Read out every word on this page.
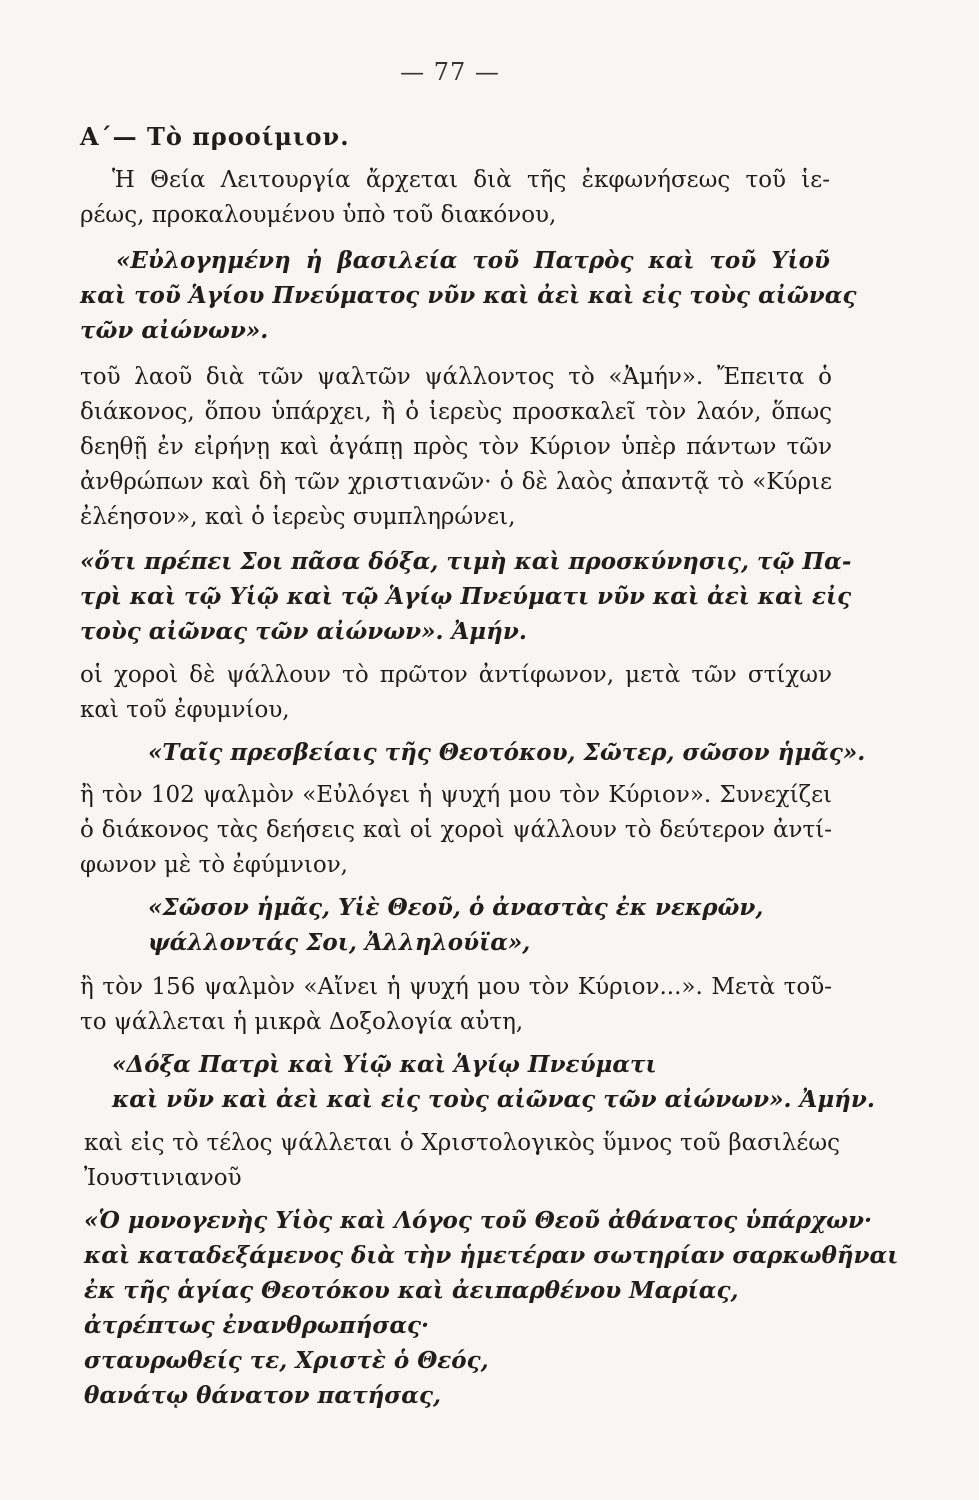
— 77 —
Α΄— Τὸ προοίμιον.
Ἡ Θεία Λειτουργία ἄρχεται διὰ τῆς ἐκφωνήσεως τοῦ ἱε-
ρέως, προκαλουμένου ὑπὸ τοῦ διακόνου,
«Εὐλογημένη ἡ βασιλεία τοῦ Πατρὸς καὶ τοῦ Υἱοῦ
καὶ τοῦ Ἁγίου Πνεύματος νῦν καὶ ἀεὶ καὶ εἰς τοὺς αἰῶνας
τῶν αἰώνων».
τοῦ λαοῦ διὰ τῶν ψαλτῶν ψάλλοντος τὸ «Ἀμήν». Ἔπειτα ὁ
διάκονος, ὅπου ὑπάρχει, ἢ ὁ ἱερεὺς προσκαλεῖ τὸν λαόν, ὅπως
δεηθῇ ἐν εἰρήνῃ καὶ ἀγάπῃ πρὸς τὸν Κύριον ὑπὲρ πάντων τῶν
ἀνθρώπων καὶ δὴ τῶν χριστιανῶν· ὁ δὲ λαὸς ἀπαντᾷ τὸ «Κύριε
ἐλέησον», καὶ ὁ ἱερεὺς συμπληρώνει,
«ὅτι πρέπει Σοι πᾶσα δόξα, τιμὴ καὶ προσκύνησις, τῷ Πα-
τρὶ καὶ τῷ Υἱῷ καὶ τῷ Ἁγίῳ Πνεύματι νῦν καὶ ἀεὶ καὶ εἰς
τοὺς αἰῶνας τῶν αἰώνων». Ἀμήν.
οἱ χοροὶ δὲ ψάλλουν τὸ πρῶτον ἀντίφωνον, μετὰ τῶν στίχων
καὶ τοῦ ἐφυμνίου,
«Ταῖς πρεσβείαις τῆς Θεοτόκου, Σῶτερ, σῶσον ἡμᾶς».
ἢ τὸν 102 ψαλμὸν «Εὐλόγει ἡ ψυχή μου τὸν Κύριον». Συνεχίζει
ὁ διάκονος τὰς δεήσεις καὶ οἱ χοροὶ ψάλλουν τὸ δεύτερον ἀντί-
φωνον μὲ τὸ ἐφύμνιον,
«Σῶσον ἡμᾶς, Υἱὲ Θεοῦ, ὁ ἀναστὰς ἐκ νεκρῶν,
ψάλλοντάς Σοι, Ἀλληλούϊα»,
ἢ τὸν 156 ψαλμὸν «Αἴνει ἡ ψυχή μου τὸν Κύριον...». Μετὰ τοῦ-
το ψάλλεται ἡ μικρὰ Δοξολογία αὐτη,
«Δόξα Πατρὶ καὶ Υἱῷ καὶ Ἁγίῳ Πνεύματι
καὶ νῦν καὶ ἀεὶ καὶ εἰς τοὺς αἰῶνας τῶν αἰώνων». Ἀμήν.
καὶ εἰς τὸ τέλος ψάλλεται ὁ Χριστολογικὸς ὕμνος τοῦ βασιλέως
Ἰουστινιανοῦ
«Ὁ μονογενὴς Υἱὸς καὶ Λόγος τοῦ Θεοῦ ἀθάνατος ὑπάρχων·
καὶ καταδεξάμενος διὰ τὴν ἡμετέραν σωτηρίαν σαρκωθῆναι
ἐκ τῆς ἁγίας Θεοτόκου καὶ ἀειπαρθένου Μαρίας,
ἀτρέπτως ἐνανθρωπήσας·
σταυρωθείς τε, Χριστὲ ὁ Θεός,
θανάτῳ θάνατον πατήσας,
